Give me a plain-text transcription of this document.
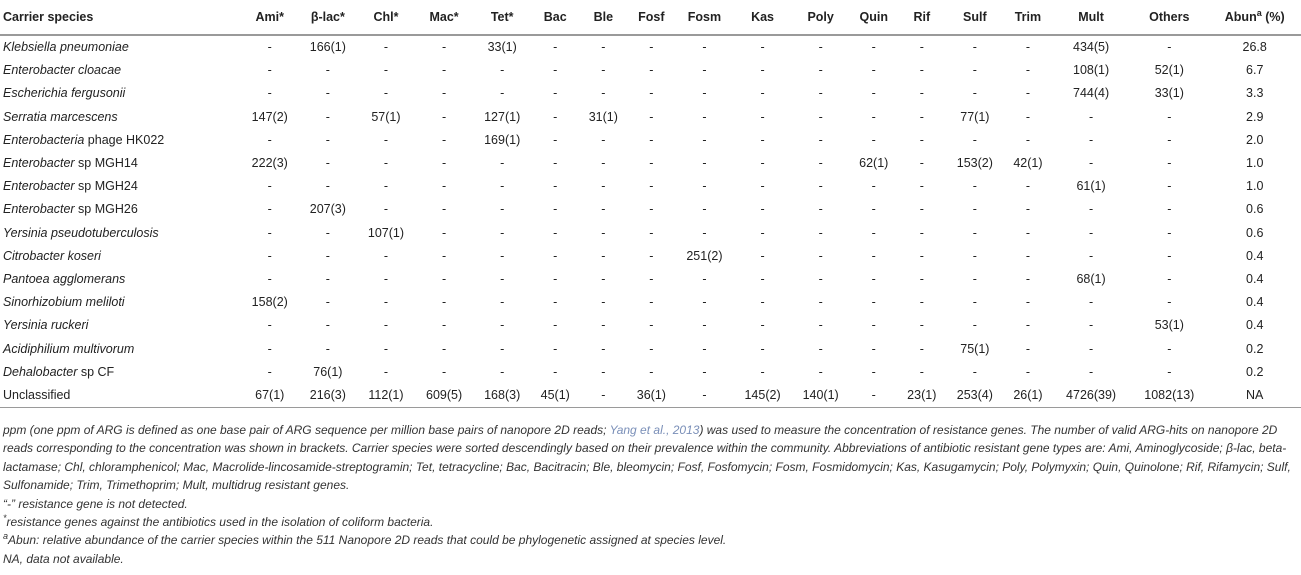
Carrier species	Ami*	β-lac*	Chl*	Mac*	Tet*	Bac	Ble	Fosf	Fosm	Kas	Poly	Quin	Rif	Sulf	Trim	Mult	Others	Abun$^a$ (%)
Klebsiella pneumoniae	-	166(1)	-	-	33(1)	-	-	-	-	-	-	-	-	-	-	434(5)	-	26.8
Enterobacter cloacae	-	-	-	-	-	-	-	-	-	-	-	-	-	-	-	108(1)	52(1)	6.7
Escherichia fergusonii	-	-	-	-	-	-	-	-	-	-	-	-	-	-	-	744(4)	33(1)	3.3
Serratia marcescens	147(2)	-	57(1)	-	127(1)	-	31(1)	-	-	-	-	-	-	77(1)	-	-	-	2.9
Enterobacteria phage HK022	-	-	-	-	169(1)	-	-	-	-	-	-	-	-	-	-	-	-	2.0
Enterobacter sp MGH14	222(3)	-	-	-	-	-	-	-	-	-	-	62(1)	-	153(2)	42(1)	-	-	1.0
Enterobacter sp MGH24	-	-	-	-	-	-	-	-	-	-	-	-	-	-	-	61(1)	-	1.0
Enterobacter sp MGH26	-	207(3)	-	-	-	-	-	-	-	-	-	-	-	-	-	-	-	0.6
Yersinia pseudotuberculosis	-	-	107(1)	-	-	-	-	-	-	-	-	-	-	-	-	-	-	0.6
Citrobacter koseri	-	-	-	-	-	-	-	-	251(2)	-	-	-	-	-	-	-	-	0.4
Pantoea agglomerans	-	-	-	-	-	-	-	-	-	-	-	-	-	-	-	68(1)	-	0.4
Sinorhizobium meliloti	158(2)	-	-	-	-	-	-	-	-	-	-	-	-	-	-	-	-	0.4
Yersinia ruckeri	-	-	-	-	-	-	-	-	-	-	-	-	-	-	-	-	53(1)	0.4
Acidiphilium multivorum	-	-	-	-	-	-	-	-	-	-	-	-	-	75(1)	-	-	-	0.2
Dehalobacter sp CF	-	76(1)	-	-	-	-	-	-	-	-	-	-	-	-	-	-	-	0.2
Unclassified	67(1)	216(3)	112(1)	609(5)	168(3)	45(1)	-	36(1)	-	145(2)	140(1)	-	23(1)	253(4)	26(1)	4726(39)	1082(13)	NA

ppm (one ppm of ARG is defined as one base pair of ARG sequence per million base pairs of nanopore 2D reads; Yang et al., 2013) was used to measure the concentration of resistance genes. The number of valid ARG-hits on nanopore 2D reads corresponding to the concentration was shown in brackets. Carrier species were sorted descendingly based on their prevalence within the community. Abbreviations of antibiotic resistant gene types are: Ami, Aminoglycoside; β-lac, beta-lactamase; Chl, chloramphenicol; Mac, Macrolide-lincosamide-streptogramin; Tet, tetracycline; Bac, Bacitracin; Ble, bleomycin; Fosf, Fosfomycin; Fosm, Fosmidomycin; Kas, Kasugamycin; Poly, Polymyxin; Quin, Quinolone; Rif, Rifamycin; Sulf, Sulfonamide; Trim, Trimethoprim; Mult, multidrug resistant genes.

“-” resistance gene is not detected.

*resistance genes against the antibiotics used in the isolation of coliform bacteria.

$^a$Abun: relative abundance of the carrier species within the 511 Nanopore 2D reads that could be phylogenetic assigned at species level.

NA, data not available.
